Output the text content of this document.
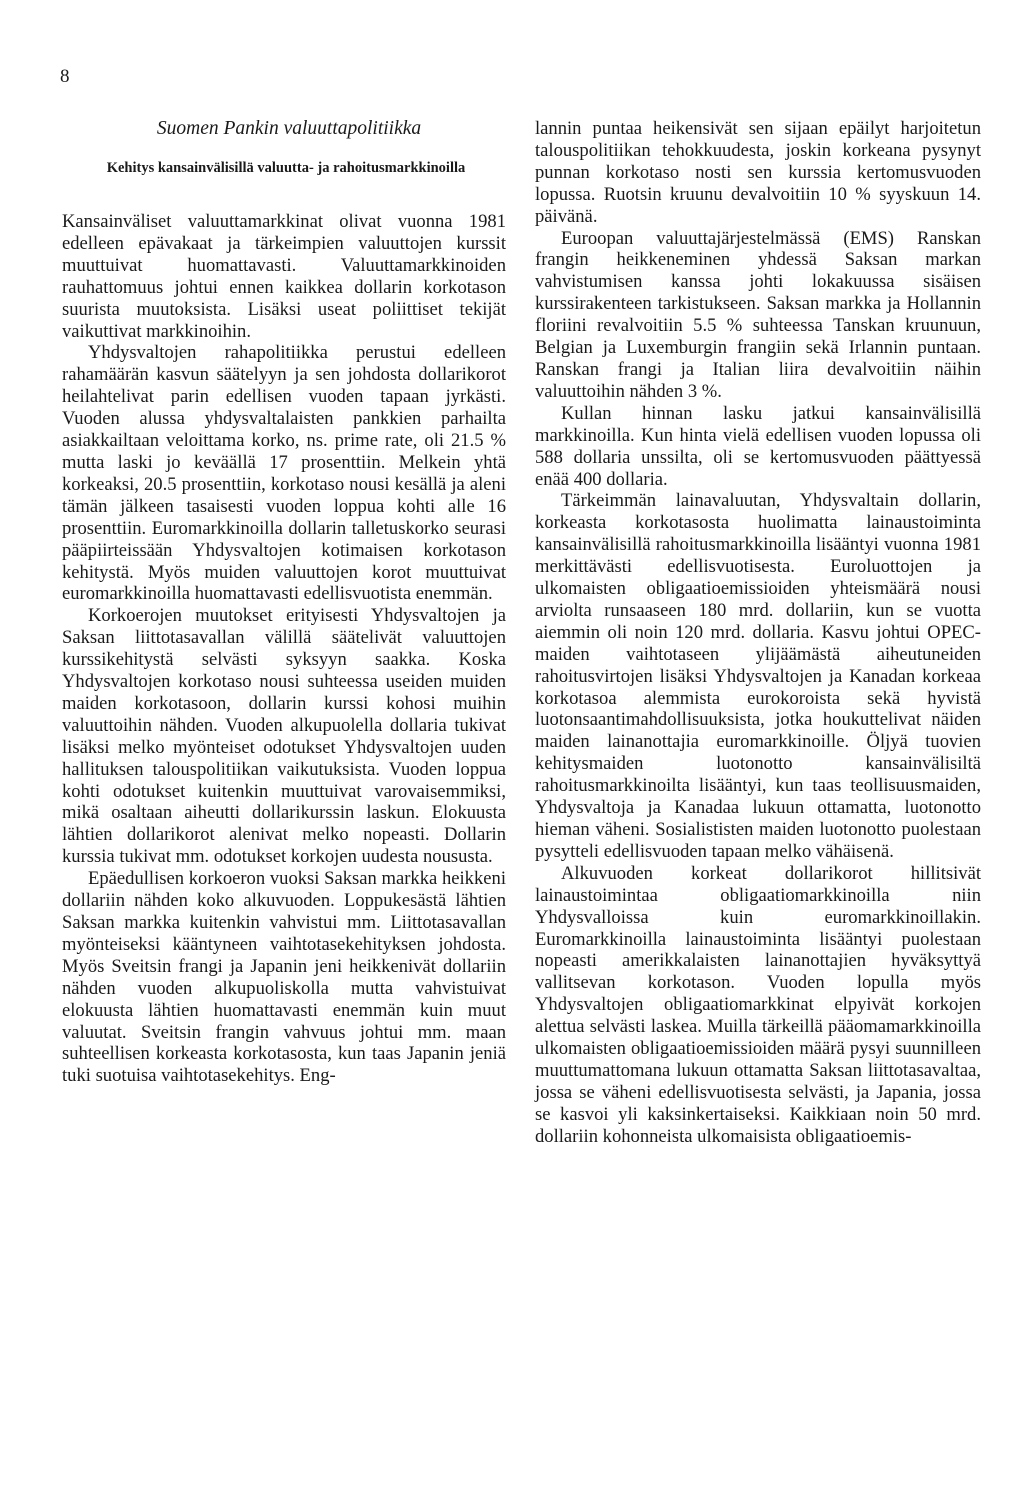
8
Suomen Pankin valuuttapolitiikka
Kehitys kansainvälisillä valuutta- ja rahoitusmarkkinoilla

Kansainväliset valuuttamarkkinat olivat vuonna 1981 edelleen epävakaat ja tärkeimpien valuuttojen kurssit muuttuivat huomattavasti. Valuuttamarkkinoiden rauhattomuus johtui ennen kaikkea dollarin korkotason suurista muutoksista. Lisäksi useat poliittiset tekijät vaikuttivat markkinoihin.

Yhdysvaltojen rahapolitiikka perustui edelleen rahamäärän kasvun säätelyyn ja sen johdosta dollarikorot heilahtelivat parin edellisen vuoden tapaan jyrkästi. Vuoden alussa yhdysvaltalaisten pankkien parhailta asiakkailtaan veloittama korko, ns. prime rate, oli 21.5 % mutta laski jo keväällä 17 prosenttiin. Melkein yhtä korkeaksi, 20.5 prosenttiin, korkotaso nousi kesällä ja aleni tämän jälkeen tasaisesti vuoden loppua kohti alle 16 prosenttiin. Euromarkkinoilla dollarin talletuskorko seurasi pääpiirteissään Yhdysvaltojen kotimaisen korkotason kehitystä. Myös muiden valuuttojen korot muuttuivat euromarkkinoilla huomattavasti edellisvuotista enemmän.

Korkoerojen muutokset erityisesti Yhdysvaltojen ja Saksan liittotasavallan välillä säätelivät valuuttojen kurssikehitystä selvästi syksyyn saakka. Koska Yhdysvaltojen korkotaso nousi suhteessa useiden muiden maiden korkotasoon, dollarin kurssi kohosi muihin valuuttoihin nähden. Vuoden alkupuolella dollaria tukivat lisäksi melko myönteiset odotukset Yhdysvaltojen uuden hallituksen talouspolitiikan vaikutuksista. Vuoden loppua kohti odotukset kuitenkin muuttuivat varovaisemmiksi, mikä osaltaan aiheutti dollarikurssin laskun. Elokuusta lähtien dollarikorot alenivat melko nopeasti. Dollarin kurssia tukivat mm. odotukset korkojen uudesta noususta.

Epäedullisen korkoeron vuoksi Saksan markka heikkeni dollariin nähden koko alkuvuoden. Loppukesästä lähtien Saksan markka kuitenkin vahvistui mm. Liittotasavallan myönteiseksi kääntyneen vaihtotasekehityksen johdosta. Myös Sveitsin frangi ja Japanin jeni heikkenivät dollariin nähden vuoden alkupuoliskolla mutta vahvistuivat elokuusta lähtien huomattavasti enemmän kuin muut valuutat. Sveitsin frangin vahvuus johtui mm. maan suhteellisen korkeasta korkotasosta, kun taas Japanin jeniä tuki suotuisa vaihtotasekehitys. Eng-

lannin puntaa heikensivät sen sijaan epäilyt harjoitetun talouspolitiikan tehokkuudesta, joskin korkeana pysynyt punnan korkotaso nosti sen kurssia kertomusvuoden lopussa. Ruotsin kruunu devalvoitiin 10 % syyskuun 14. päivänä.

Euroopan valuuttajärjestelmässä (EMS) Ranskan frangin heikkeneminen yhdessä Saksan markan vahvistumisen kanssa johti lokakuussa sisäisen kurssirakenteen tarkistukseen. Saksan markka ja Hollannin floriini revalvoitiin 5.5 % suhteessa Tanskan kruunuun, Belgian ja Luxemburgin frangiin sekä Irlannin puntaan. Ranskan frangi ja Italian liira devalvoitiin näihin valuuttoihin nähden 3 %.

Kullan hinnan lasku jatkui kansainvälisillä markkinoilla. Kun hinta vielä edellisen vuoden lopussa oli 588 dollaria unssilta, oli se kertomusvuoden päättyessä enää 400 dollaria.

Tärkeimmän lainavaluutan, Yhdysvaltain dollarin, korkeasta korkotasosta huolimatta lainaustoiminta kansainvälisillä rahoitusmarkkinoilla lisääntyi vuonna 1981 merkittävästi edellisvuotisesta. Euroluottojen ja ulkomaisten obligaatioemissioiden yhteismäärä nousi arviolta runsaaseen 180 mrd. dollariin, kun se vuotta aiemmin oli noin 120 mrd. dollaria. Kasvu johtui OPEC-maiden vaihtotaseen ylijäämästä aiheutuneiden rahoitusvirtojen lisäksi Yhdysvaltojen ja Kanadan korkeaa korkotasoa alemmista eurokoroista sekä hyvistä luotonsaantimahdollisuuksista, jotka houkuttelivat näiden maiden lainanottajia euromarkkinoille. Öljyä tuovien kehitysmaiden luotonotto kansainvälisiltä rahoitusmarkkinoilta lisääntyi, kun taas teollisuusmaiden, Yhdysvaltoja ja Kanadaa lukuun ottamatta, luotonotto hieman väheni. Sosialististen maiden luotonotto puolestaan pysytteli edellisvuoden tapaan melko vähäisenä.

Alkuvuoden korkeat dollarikorot hillitsivät lainaustoimintaa obligaatiomarkkinoilla niin Yhdysvalloissa kuin euromarkkinoillakin. Euromarkkinoilla lainaustoiminta lisääntyi puolestaan nopeasti amerikkalaisten lainanottajien hyväksyttyä vallitsevan korkotason. Vuoden lopulla myös Yhdysvaltojen obligaatiomarkkinat elpyivät korkojen alettua selvästi laskea. Muilla tärkeillä pääomamarkkinoilla ulkomaisten obligaatioemissioiden määrä pysyi suunnilleen muuttumattomana lukuun ottamatta Saksan liittotasavaltaa, jossa se väheni edellisvuotisesta selvästi, ja Japania, jossa se kasvoi yli kaksinkertaiseksi. Kaikkiaan noin 50 mrd. dollariin kohonneista ulkomaisista obligaatioemis-
